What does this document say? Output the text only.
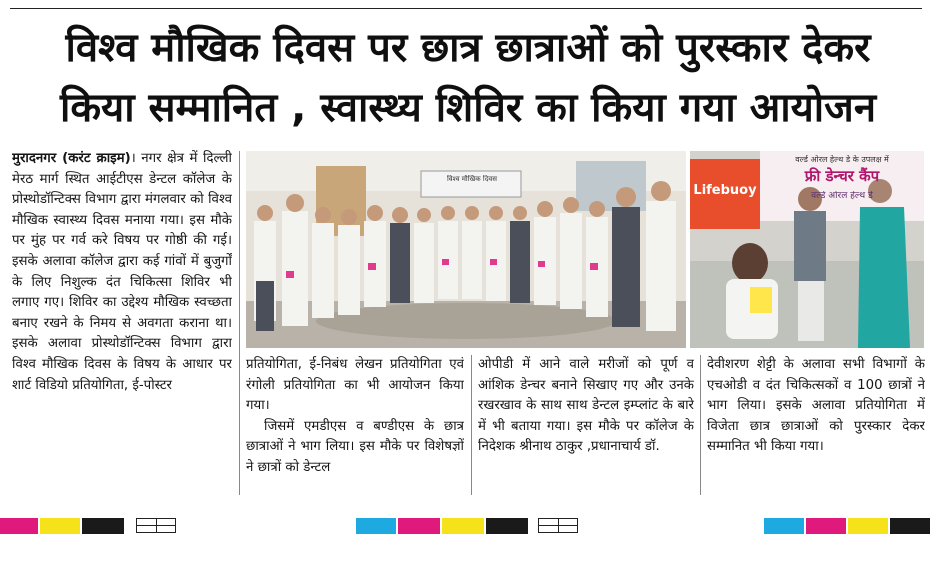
विश्व मौखिक दिवस पर छात्र छात्राओं को पुरस्कार देकर
किया सम्मानित , स्वास्थ्य शिविर का किया गया आयोजन

मुरादनगर (करंट क्राइम)। नगर क्षेत्र में दिल्ली मेरठ मार्ग स्थित आईटीएस डेन्टल कॉलेज के प्रोस्थोडॉन्टिक्स विभाग द्वारा मंगलवार को विश्व मौखिक स्वास्थ्य दिवस मनाया गया। इस मौके पर मुंह पर गर्व करे विषय पर गोष्ठी की गई। इसके अलावा कॉलेज द्वारा कई गांवों में बुजुर्गों के लिए निशुल्क दंत चिकित्सा शिविर भी लगाए गए। शिविर का उद्देश्य मौखिक स्वच्छता बनाए रखने के निमय से अवगता कराना था। इसके अलावा प्रोस्थोडॉन्टिक्स विभाग द्वारा विश्व मौखिक दिवस के विषय के आधार पर शार्ट विडियो प्रतियोगिता, ई-पोस्टर

विश्व मौखिक दिवस
Lifebuoy
वर्ल्ड ओरल हेल्थ डे के उपलक्ष में
फ्री डेन्चर कैंप
वर्ल्ड ओरल हेल्थ डे

प्रतियोगिता, ई-निबंध लेखन प्रतियोगिता एवं रंगोली प्रतियोगिता का भी आयोजन किया गया।

जिसमें एमडीएस व बण्डीएस के छात्र छात्राओं ने भाग लिया। इस मौके पर विशेषज्ञों ने छात्रों को डेन्टल

ओपीडी में आने वाले मरीजों को पूर्ण व आंशिक डेन्चर बनाने सिखाए गए और उनके रखरखाव के साथ साथ डेन्टल इम्प्लांट के बारे में भी बताया गया। इस मौके पर कॉलेज के निदेशक श्रीनाथ ठाकुर ,प्रधानाचार्य डॉ.

देवीशरण शेट्टी के अलावा सभी विभागों के एचओडी व दंत चिकित्सकों व 100 छात्रों ने भाग लिया। इसके अलावा प्रतियोगिता में विजेता छात्र छात्राओं को पुरस्कार देकर सम्मानित भी किया गया।
